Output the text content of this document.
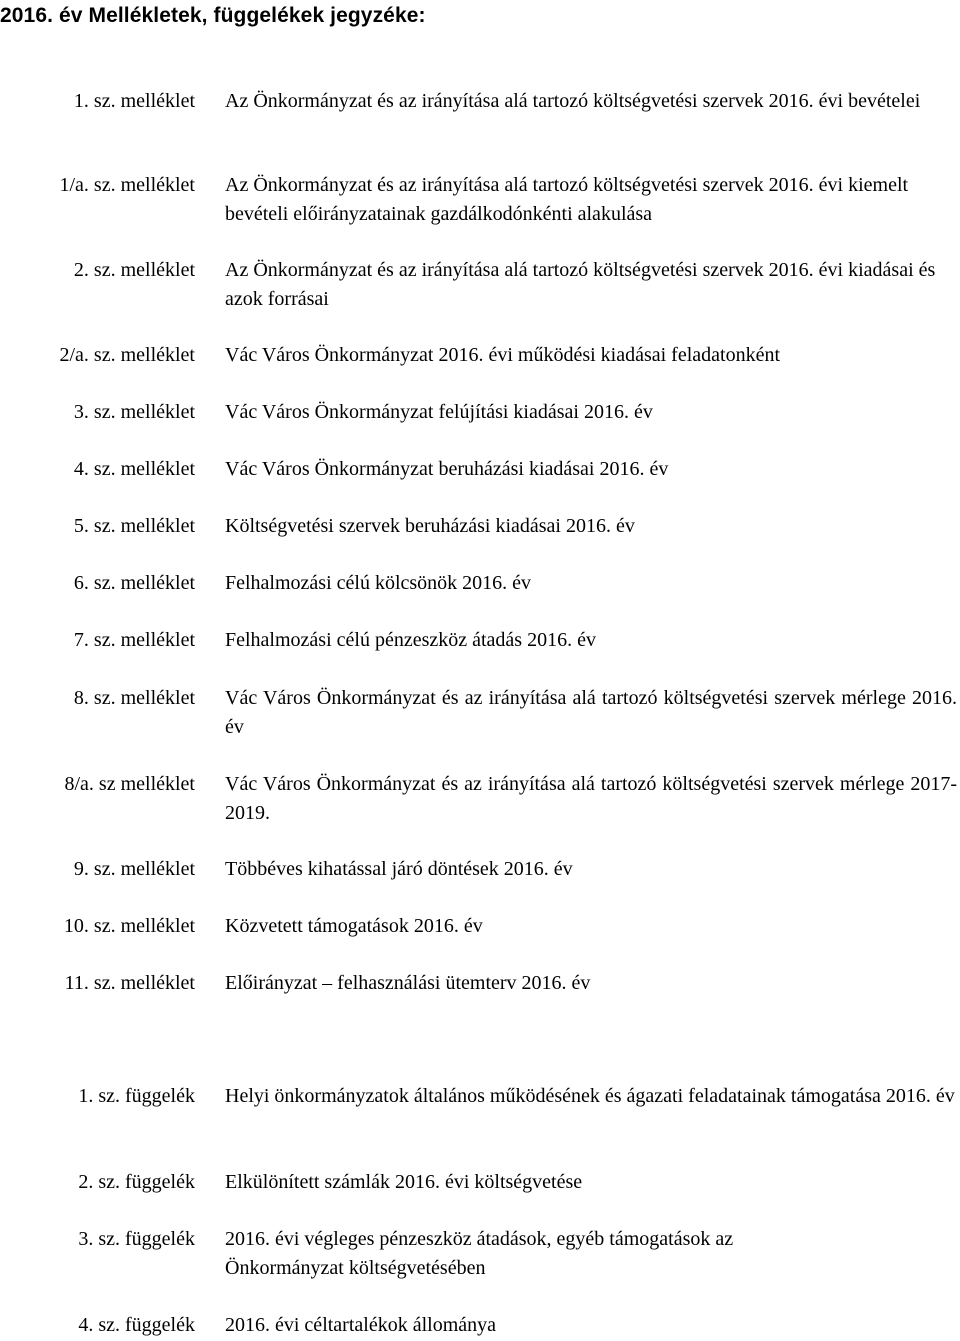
2016. év Mellékletek, függelékek jegyzéke:
1. sz. melléklet Az Önkormányzat és az irányítása alá tartozó költségvetési szervek 2016. évi bevételei
1/a. sz. melléklet Az Önkormányzat és az irányítása alá tartozó költségvetési szervek 2016. évi kiemelt bevételi előirányzatainak gazdálkodónkénti alakulása
2. sz. melléklet Az Önkormányzat és az irányítása alá tartozó költségvetési szervek 2016. évi kiadásai és azok forrásai
2/a. sz. melléklet Vác Város Önkormányzat 2016. évi működési kiadásai feladatonként
3. sz. melléklet Vác Város Önkormányzat felújítási kiadásai 2016. év
4. sz. melléklet Vác Város Önkormányzat beruházási kiadásai 2016. év
5. sz. melléklet Költségvetési szervek beruházási kiadásai 2016. év
6. sz. melléklet Felhalmozási célú kölcsönök 2016. év
7. sz. melléklet Felhalmozási célú pénzeszköz átadás 2016. év
8. sz. melléklet Vác Város Önkormányzat és az irányítása alá tartozó költségvetési szervek mérlege 2016. év
8/a. sz melléklet Vác Város Önkormányzat és az irányítása alá tartozó költségvetési szervek mérlege 2017-2019.
9. sz. melléklet Többéves kihatással járó döntések 2016. év
10. sz. melléklet Közvetett támogatások 2016. év
11. sz. melléklet Előirányzat – felhasználási ütemterv 2016. év
1. sz. függelék Helyi önkormányzatok általános működésének és ágazati feladatainak támogatása 2016. év
2. sz. függelék Elkülönített számlák 2016. évi költségvetése
3. sz. függelék 2016. évi végleges pénzeszköz átadások, egyéb támogatások az Önkormányzat költségvetésében
4. sz. függelék 2016. évi céltartalékok állománya
